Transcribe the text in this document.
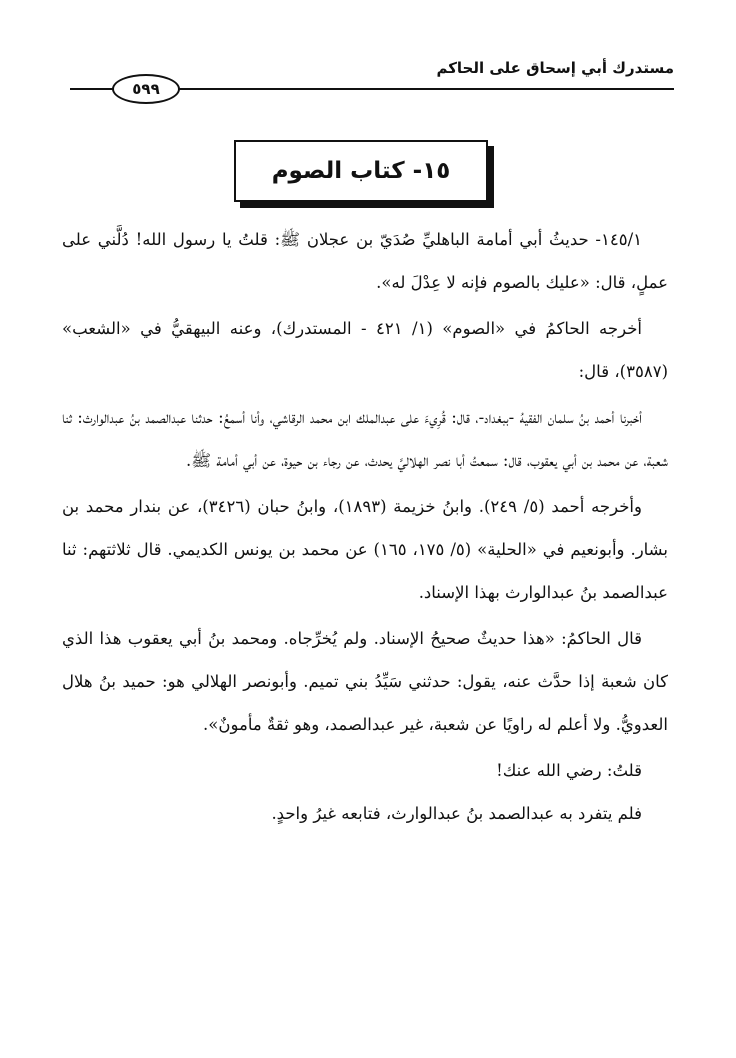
مستدرك أبي إسحاق على الحاكم
٥٩٩
١٥- كتاب الصوم

١٤٥/١- حديثُ أبي أمامة الباهليِّ صُدَيّ بن عجلان ﷺ: قلتُ يا رسول الله! دُلَّني على عملٍ، قال: «عليك بالصوم فإنه لا عِدْلَ له».

أخرجه الحاكمُ في «الصوم» (١/ ٤٢١ - المستدرك)، وعنه البيهقيُّ في «الشعب» (٣٥٨٧)، قال:

أخبرنا أحمد بنُ سلمان الفقيهُ -ببغداد-، قال: قُرِيءَ على عبدالملك ابن محمد الرقاشي، وأنا أسمعُ: حدثنا عبدالصمد بنُ عبدالوارث: ثنا شعبة، عن محمد بن أبي يعقوب، قال: سمعتُ أبا نصر الهلاليَّ يحدث، عن رجاء بن حيوة، عن أبي أمامة ﷺ.

وأخرجه أحمد (٥/ ٢٤٩). وابنُ خزيمة (١٨٩٣)، وابنُ حبان (٣٤٢٦)، عن بندار محمد بن بشار. وأبونعيم في «الحلية» (٥/ ١٧٥، ١٦٥) عن محمد بن يونس الكديمي. قال ثلاثتهم: ثنا عبدالصمد بنُ عبدالوارث بهذا الإسناد.

قال الحاكمُ: «هذا حديثٌ صحيحُ الإسناد. ولم يُخرِّجاه. ومحمد بنُ أبي يعقوب هذا الذي كان شعبة إذا حدَّث عنه، يقول: حدثني سَيِّدُ بني تميم. وأبونصر الهلالي هو: حميد بنُ هلال العدويُّ. ولا أعلم له راويًا عن شعبة، غير عبدالصمد، وهو ثقةٌ مأمونٌ».

قلتُ: رضي الله عنك!

فلم يتفرد به عبدالصمد بنُ عبدالوارث، فتابعه غيرُ واحدٍ.
